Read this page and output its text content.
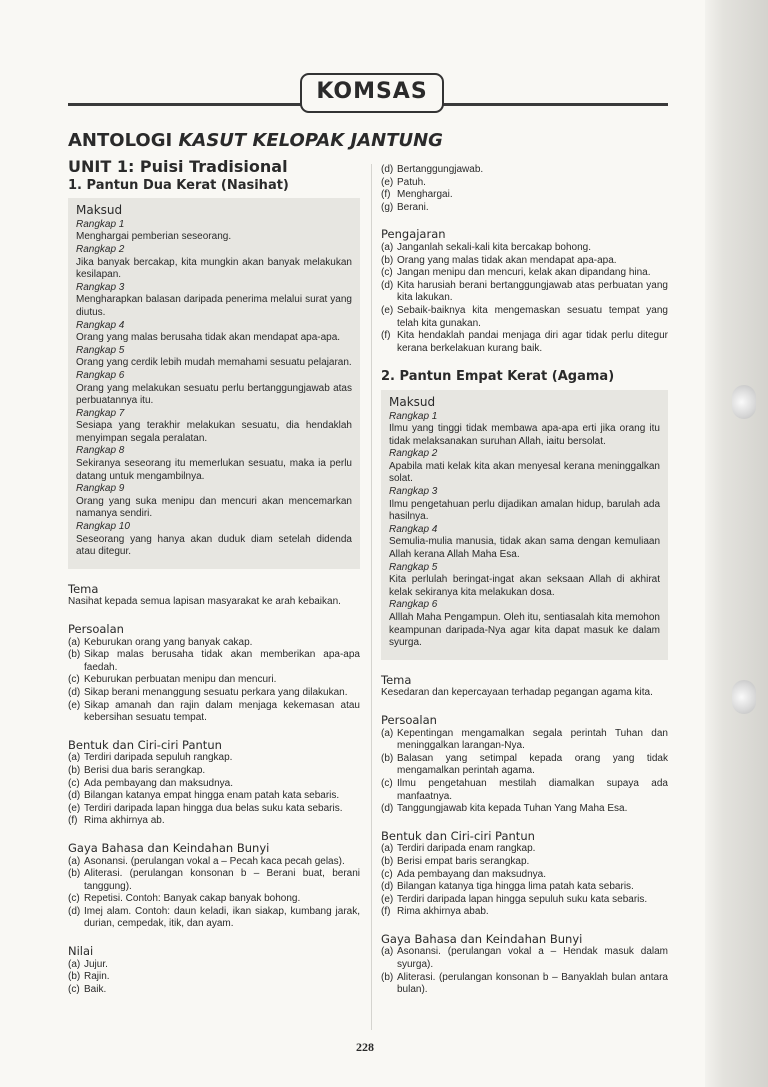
KOMSAS
ANTOLOGI KASUT KELOPAK JANTUNG
UNIT 1: Puisi Tradisional
1. Pantun Dua Kerat (Nasihat)
Maksud
Rangkap 1
Menghargai pemberian seseorang.
Rangkap 2
Jika banyak bercakap, kita mungkin akan banyak melakukan kesilapan.
Rangkap 3
Mengharapkan balasan daripada penerima melalui surat yang diutus.
Rangkap 4
Orang yang malas berusaha tidak akan mendapat apa-apa.
Rangkap 5
Orang yang cerdik lebih mudah memahami sesuatu pelajaran.
Rangkap 6
Orang yang melakukan sesuatu perlu bertanggungjawab atas perbuatannya itu.
Rangkap 7
Sesiapa yang terakhir melakukan sesuatu, dia hendaklah menyimpan segala peralatan.
Rangkap 8
Sekiranya seseorang itu memerlukan sesuatu, maka ia perlu datang untuk mengambilnya.
Rangkap 9
Orang yang suka menipu dan mencuri akan mencemarkan namanya sendiri.
Rangkap 10
Seseorang yang hanya akan duduk diam setelah didenda atau ditegur.
Tema
Nasihat kepada semua lapisan masyarakat ke arah kebaikan.
Persoalan
(a) Keburukan orang yang banyak cakap.
(b) Sikap malas berusaha tidak akan memberikan apa-apa faedah.
(c) Keburukan perbuatan menipu dan mencuri.
(d) Sikap berani menanggung sesuatu perkara yang dilakukan.
(e) Sikap amanah dan rajin dalam menjaga kekemasan atau kebersihan sesuatu tempat.
Bentuk dan Ciri-ciri Pantun
(a) Terdiri daripada sepuluh rangkap.
(b) Berisi dua baris serangkap.
(c) Ada pembayang dan maksudnya.
(d) Bilangan katanya empat hingga enam patah kata sebaris.
(e) Terdiri daripada lapan hingga dua belas suku kata sebaris.
(f) Rima akhirnya ab.
Gaya Bahasa dan Keindahan Bunyi
(a) Asonansi. (perulangan vokal a – Pecah kaca pecah gelas).
(b) Aliterasi. (perulangan konsonan b – Berani buat, berani tanggung).
(c) Repetisi. Contoh: Banyak cakap banyak bohong.
(d) Imej alam. Contoh: daun keladi, ikan siakap, kumbang jarak, durian, cempedak, itik, dan ayam.
Nilai
(a) Jujur.
(b) Rajin.
(c) Baik.
(d) Bertanggungjawab.
(e) Patuh.
(f) Menghargai.
(g) Berani.
Pengajaran
(a) Janganlah sekali-kali kita bercakap bohong.
(b) Orang yang malas tidak akan mendapat apa-apa.
(c) Jangan menipu dan mencuri, kelak akan dipandang hina.
(d) Kita harusiah berani bertanggungjawab atas perbuatan yang kita lakukan.
(e) Sebaik-baiknya kita mengemaskan sesuatu tempat yang telah kita gunakan.
(f) Kita hendaklah pandai menjaga diri agar tidak perlu ditegur kerana berkelakuan kurang baik.
2. Pantun Empat Kerat (Agama)
Maksud
Rangkap 1
Ilmu yang tinggi tidak membawa apa-apa erti jika orang itu tidak melaksanakan suruhan Allah, iaitu bersolat.
Rangkap 2
Apabila mati kelak kita akan menyesal kerana meninggalkan solat.
Rangkap 3
Ilmu pengetahuan perlu dijadikan amalan hidup, barulah ada hasilnya.
Rangkap 4
Semulia-mulia manusia, tidak akan sama dengan kemuliaan Allah kerana Allah Maha Esa.
Rangkap 5
Kita perlulah beringat-ingat akan seksaan Allah di akhirat kelak sekiranya kita melakukan dosa.
Rangkap 6
Alllah Maha Pengampun. Oleh itu, sentiasalah kita memohon keampunan daripada-Nya agar kita dapat masuk ke dalam syurga.
Tema
Kesedaran dan kepercayaan terhadap pegangan agama kita.
Persoalan
(a) Kepentingan mengamalkan segala perintah Tuhan dan meninggalkan larangan-Nya.
(b) Balasan yang setimpal kepada orang yang tidak mengamalkan perintah agama.
(c) Ilmu pengetahuan mestilah diamalkan supaya ada manfaatnya.
(d) Tanggungjawab kita kepada Tuhan Yang Maha Esa.
Bentuk dan Ciri-ciri Pantun
(a) Terdiri daripada enam rangkap.
(b) Berisi empat baris serangkap.
(c) Ada pembayang dan maksudnya.
(d) Bilangan katanya tiga hingga lima patah kata sebaris.
(e) Terdiri daripada lapan hingga sepuluh suku kata sebaris.
(f) Rima akhirnya abab.
Gaya Bahasa dan Keindahan Bunyi
(a) Asonansi. (perulangan vokal a – Hendak masuk dalam syurga).
(b) Aliterasi. (perulangan konsonan b – Banyaklah bulan antara bulan).
228
